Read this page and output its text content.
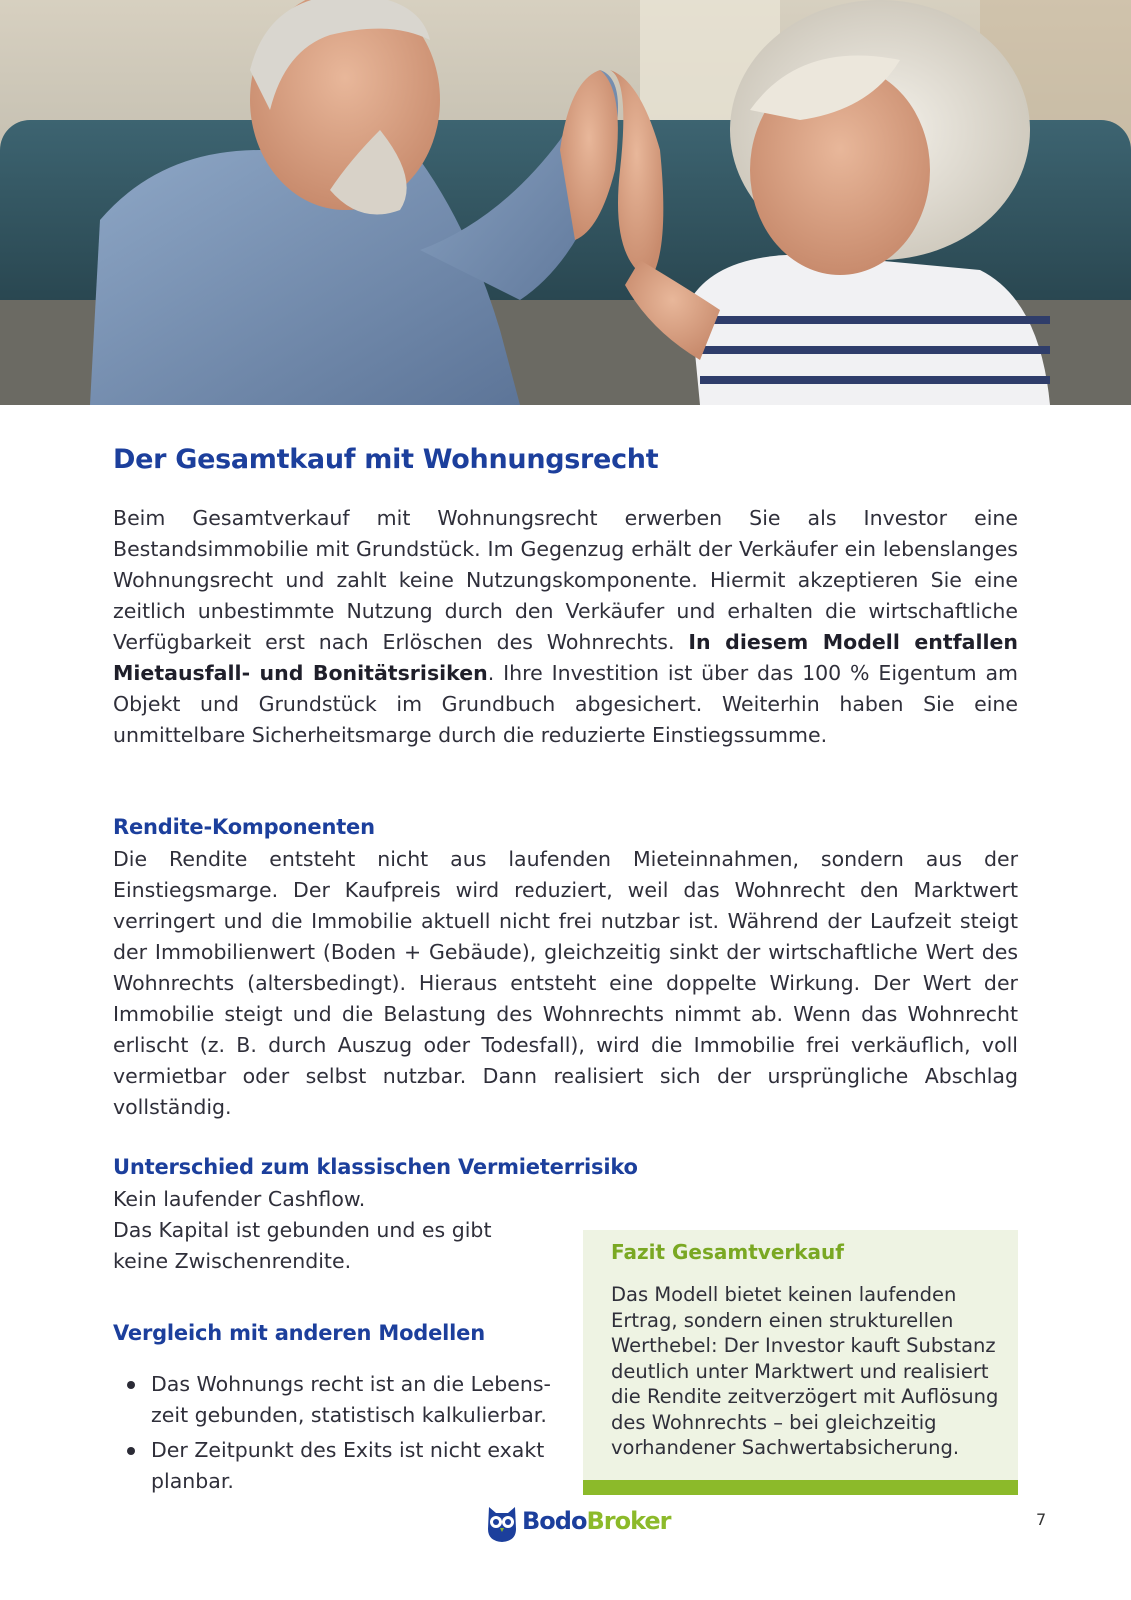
Der Gesamtkauf mit Wohnungsrecht

Beim Gesamtverkauf mit Wohnungsrecht erwerben Sie als Investor eine Bestandsimmobilie mit Grundstück. Im Gegenzug erhält der Verkäufer ein lebenslanges Wohnungsrecht und zahlt keine Nutzungskomponente. Hiermit akzeptieren Sie eine zeitlich unbestimmte Nutzung durch den Verkäufer und erhalten die wirtschaftliche Verfügbarkeit erst nach Erlöschen des Wohnrechts. In diesem Modell entfallen Mietausfall- und Bonitätsrisiken. Ihre Investition ist über das 100 % Eigentum am Objekt und Grundstück im Grundbuch abgesichert. Weiterhin haben Sie eine unmittelbare Sicherheitsmarge durch die reduzierte Einstiegssumme.

Rendite-Komponenten

Die Rendite entsteht nicht aus laufenden Mieteinnahmen, sondern aus der Einstiegsmarge. Der Kaufpreis wird reduziert, weil das Wohnrecht den Marktwert verringert und die Immobilie aktuell nicht frei nutzbar ist. Während der Laufzeit steigt der Immobilienwert (Boden + Gebäude), gleichzeitig sinkt der wirtschaftliche Wert des Wohnrechts (altersbedingt). Hieraus entsteht eine doppelte Wirkung. Der Wert der Immobilie steigt und die Belastung des Wohnrechts nimmt ab. Wenn das Wohnrecht erlischt (z. B. durch Auszug oder Todesfall), wird die Immobilie frei verkäuflich, voll vermietbar oder selbst nutzbar. Dann realisiert sich der ursprüngliche Abschlag vollständig.

Unterschied zum klassischen Vermieterrisiko

Kein laufender Cashflow.

Das Kapital ist gebunden und es gibt

keine Zwischenrendite.

Vergleich mit anderen Modellen
Das Wohnungs recht ist an die Lebens-
zeit gebunden, statistisch kalkulierbar.
Der Zeitpunkt des Exits ist nicht exakt
planbar.
Fazit Gesamtverkauf

Das Modell bietet keinen laufenden Ertrag, sondern einen strukturellen Werthebel: Der Investor kauft Substanz deutlich unter Marktwert und realisiert die Rendite zeitverzögert mit Auflösung des Wohnrechts – bei gleichzeitig vorhandener Sachwertabsicherung.

BodoBroker	7
